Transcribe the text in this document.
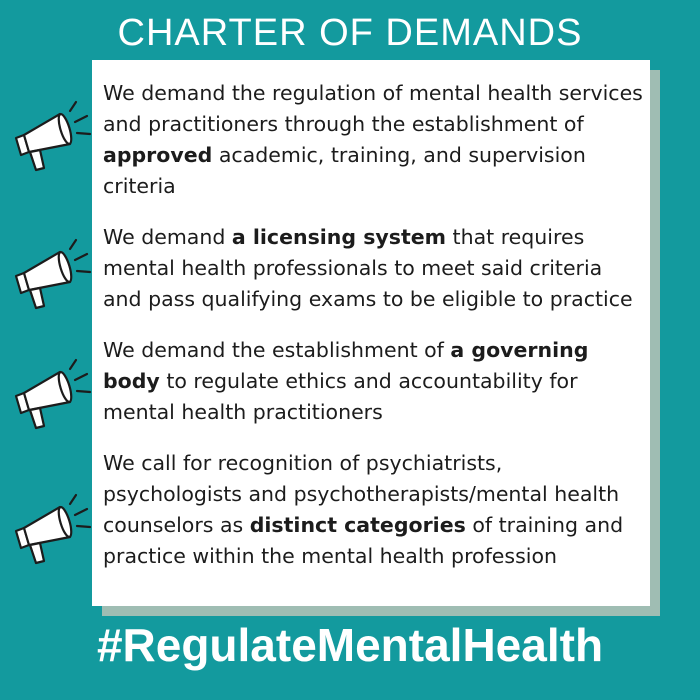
CHARTER OF DEMANDS

We demand the regulation of mental health services and practitioners through the establishment of approved academic, training, and supervision criteria

We demand a licensing system that requires mental health professionals to meet said criteria and pass qualifying exams to be eligible to practice

We demand the establishment of a governing body to regulate ethics and accountability for mental health practitioners

We call for recognition of psychiatrists, psychologists and psychotherapists/mental health counselors as distinct categories of training and practice within the mental health profession

#RegulateMentalHealth
